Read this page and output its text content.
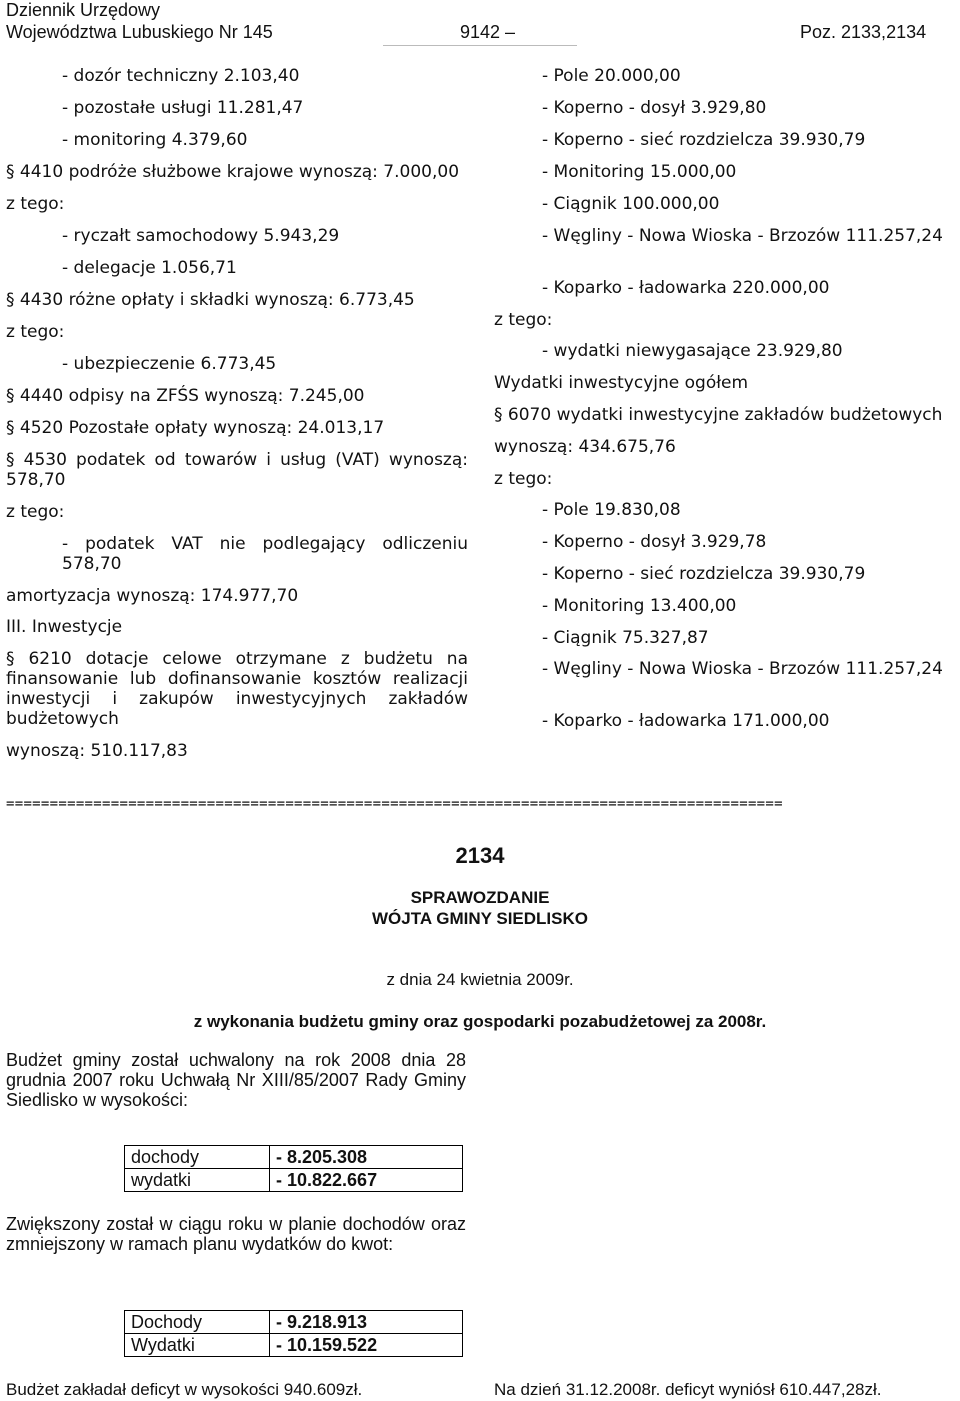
Dziennik Urzędowy
Województwa Lubuskiego Nr 145	9142 –	Poz. 2133,2134
- dozór techniczny 2.103,40
- pozostałe usługi 11.281,47
- monitoring 4.379,60
§ 4410 podróże służbowe krajowe wynoszą: 7.000,00
z tego:
- ryczałt samochodowy 5.943,29
- delegacje 1.056,71
§ 4430 różne opłaty i składki wynoszą: 6.773,45
z tego:
- ubezpieczenie 6.773,45
§ 4440 odpisy na ZFŚS wynoszą: 7.245,00
§ 4520 Pozostałe opłaty wynoszą: 24.013,17
§ 4530 podatek od towarów i usług (VAT) wynoszą: 578,70
z tego:
- podatek VAT nie podlegający odliczeniu 578,70
amortyzacja wynoszą: 174.977,70
III. Inwestycje
§ 6210 dotacje celowe otrzymane z budżetu na finansowanie lub dofinansowanie kosztów realizacji inwestycji i zakupów inwestycyjnych zakładów budżetowych
wynoszą: 510.117,83
- Pole 20.000,00
- Koperno - dosył 3.929,80
- Koperno - sieć rozdzielcza 39.930,79
- Monitoring 15.000,00
- Ciągnik 100.000,00
- Węgliny - Nowa Wioska - Brzozów 111.257,24
- Koparko - ładowarka 220.000,00
z tego:
- wydatki niewygasające 23.929,80
Wydatki inwestycyjne ogółem
§ 6070 wydatki inwestycyjne zakładów budżetowych
wynoszą: 434.675,76
z tego:
- Pole 19.830,08
- Koperno - dosył 3.929,78
- Koperno - sieć rozdzielcza 39.930,79
- Monitoring 13.400,00
- Ciągnik 75.327,87
- Węgliny - Nowa Wioska - Brzozów 111.257,24
- Koparko - ładowarka 171.000,00
=========================================================================================
2134
SPRAWOZDANIE
WÓJTA GMINY SIEDLISKO
z dnia 24 kwietnia 2009r.
z wykonania budżetu gminy oraz gospodarki pozabudżetowej za 2008r.
Budżet gminy został uchwalony na rok 2008 dnia 28 grudnia 2007 roku Uchwałą Nr XIII/85/2007 Rady Gminy Siedlisko w wysokości:
dochody	- 8.205.308
wydatki	- 10.822.667
Zwiększony został w ciągu roku w planie dochodów oraz zmniejszony w ramach planu wydatków do kwot:
Dochody	- 9.218.913
Wydatki	- 10.159.522
Budżet zakładał deficyt w wysokości 940.609zł.	Na dzień 31.12.2008r. deficyt wyniósł 610.447,28zł.
